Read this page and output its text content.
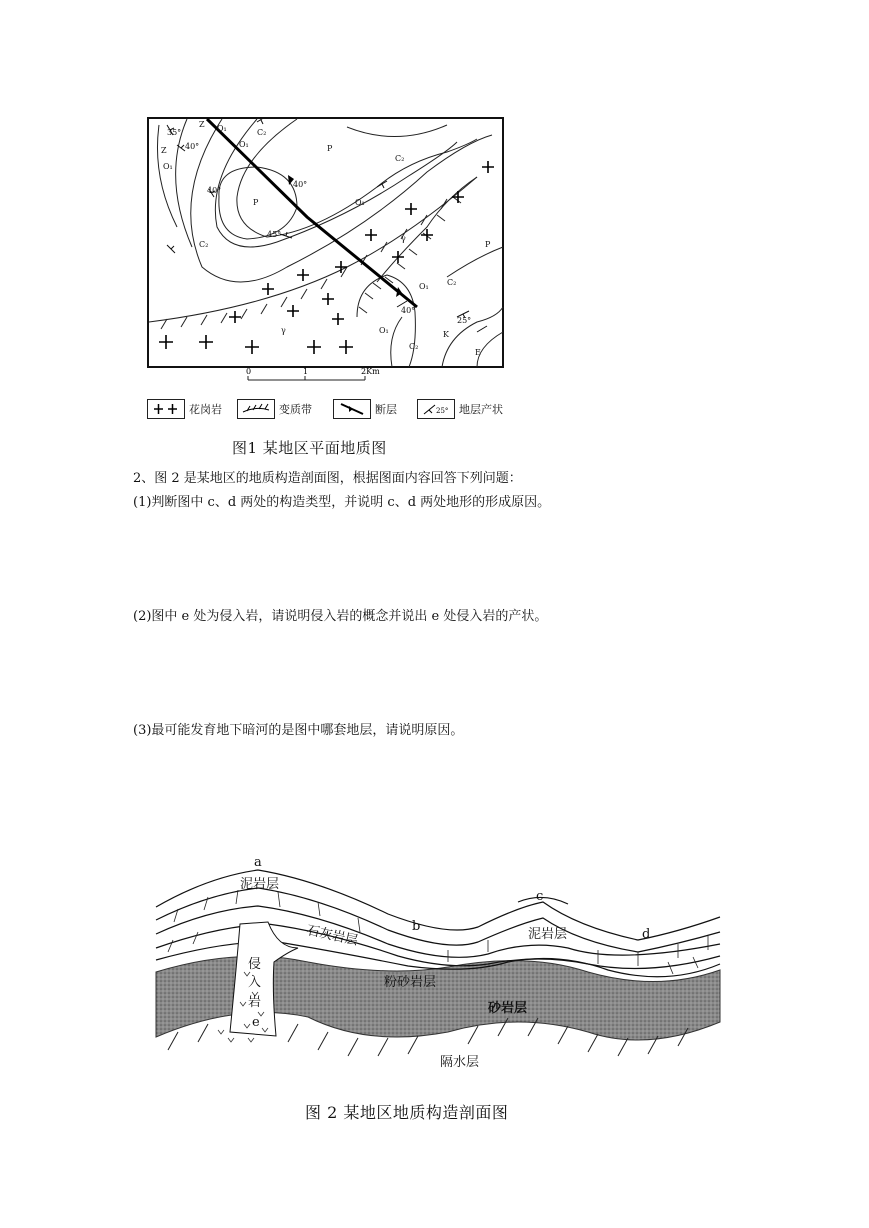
Z
Z
O₁
O₁
O₁
O₁
O₁
O₁
C₂
C₂
C₂
C₂
C₂
P
P
P
γ
γ	K
E
35°
40°
40°
40°
45°
40°
25°
0	1	2Km
花岗岩	变质带	断层	25° 地层产状
图1 某地区平面地质图
2、图 2 是某地区的地质构造剖面图，根据图面内容回答下列问题：
(1)判断图中 c、d 两处的构造类型，并说明 c、d 两处地形的形成原因。
(2)图中 e 处为侵入岩，请说明侵入岩的概念并说出 e 处侵入岩的产状。
(3)最可能发育地下暗河的是图中哪套地层，请说明原因。
a
b
c
d
e
泥岩层
泥岩层
石灰岩层
粉砂岩层
砂岩层
隔水层
侵
入
岩
图 2 某地区地质构造剖面图
